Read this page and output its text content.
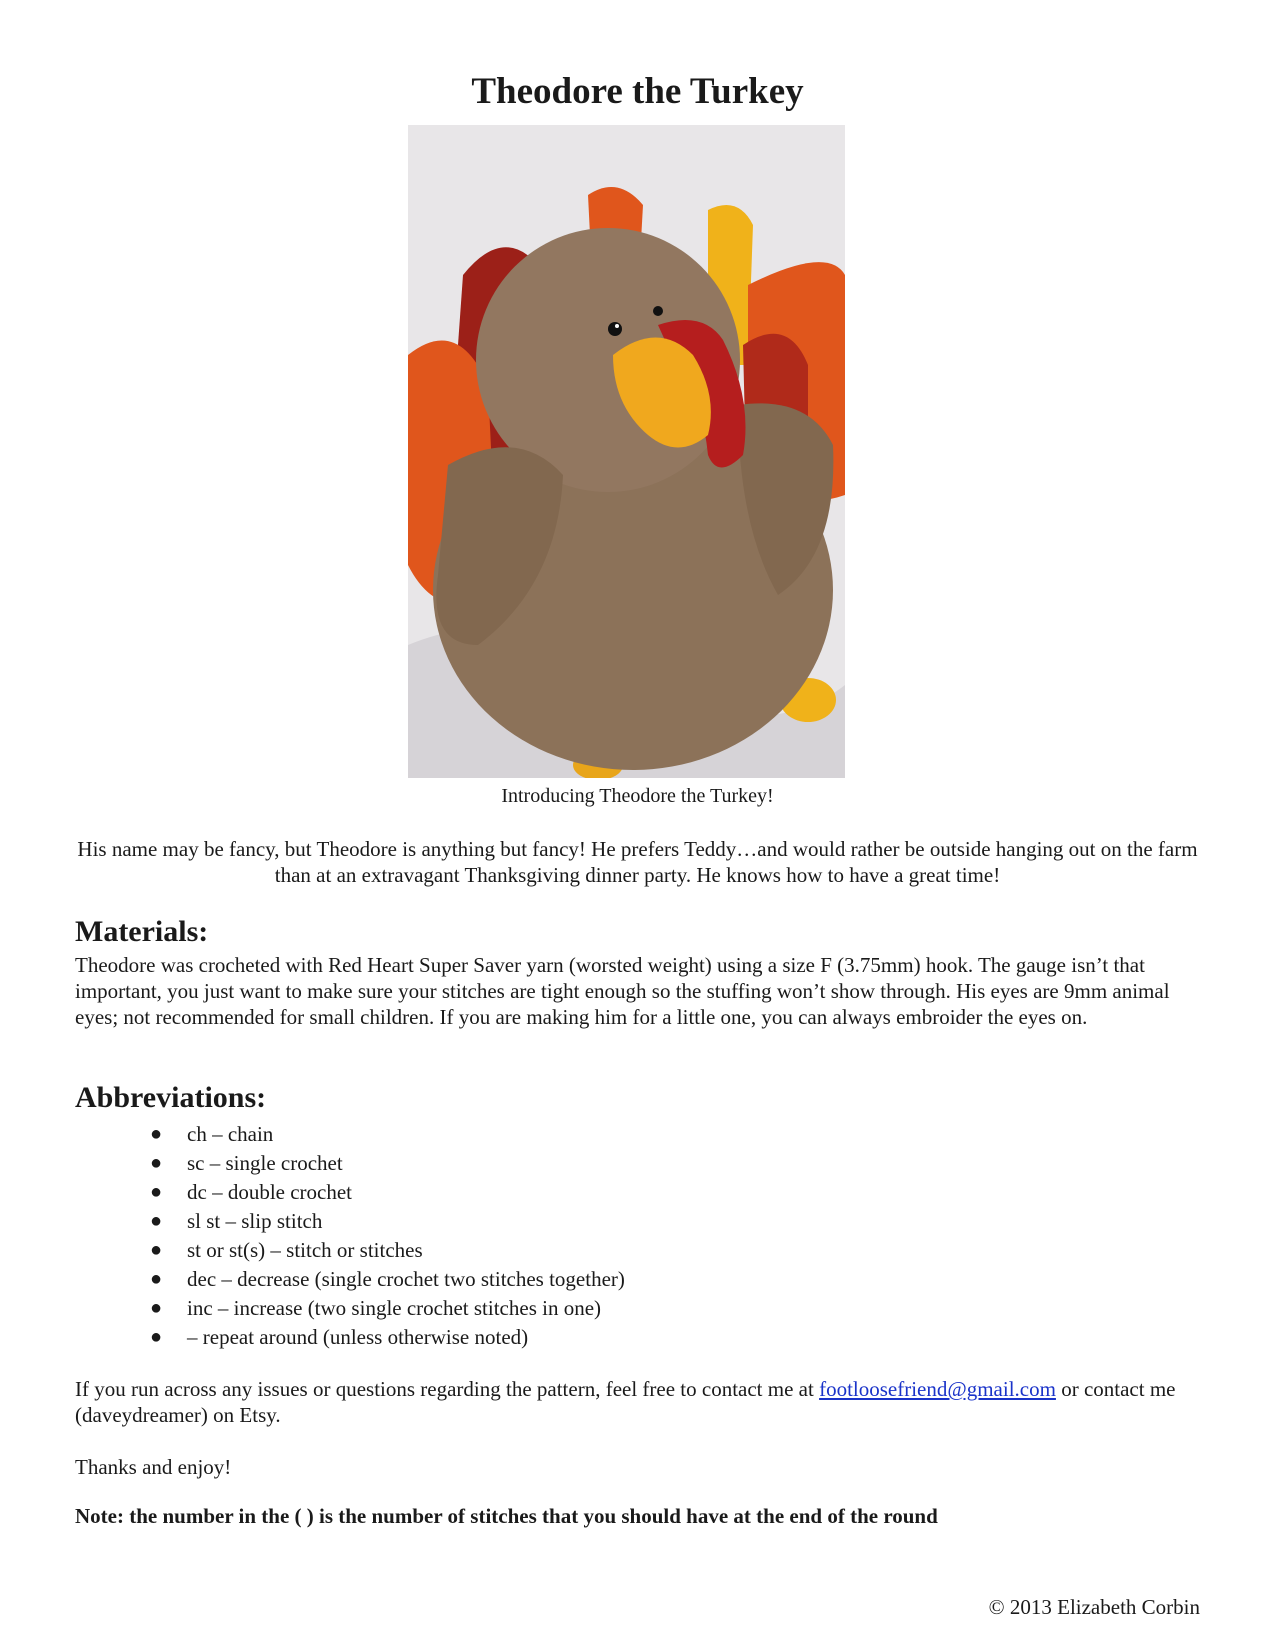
Theodore the Turkey
Introducing Theodore the Turkey!

His name may be fancy, but Theodore is anything but fancy! He prefers Teddy…and would rather be outside hanging out on the farm than at an extravagant Thanksgiving dinner party. He knows how to have a great time!

Materials:

Theodore was crocheted with Red Heart Super Saver yarn (worsted weight) using a size F (3.75mm) hook. The gauge isn’t that important, you just want to make sure your stitches are tight enough so the stuffing won’t show through. His eyes are 9mm animal eyes; not recommended for small children. If you are making him for a little one, you can always embroider the eyes on.

Abbreviations:
● ch – chain
● sc – single crochet
● dc – double crochet
● sl st – slip stitch
● st or st(s) – stitch or stitches
● dec – decrease (single crochet two stitches together)
● inc – increase (two single crochet stitches in one)
● – repeat around (unless otherwise noted)

If you run across any issues or questions regarding the pattern, feel free to contact me at footloosefriend@gmail.com or contact me (daveydreamer) on Etsy.

Thanks and enjoy!

Note: the number in the ( ) is the number of stitches that you should have at the end of the round

© 2013 Elizabeth Corbin
